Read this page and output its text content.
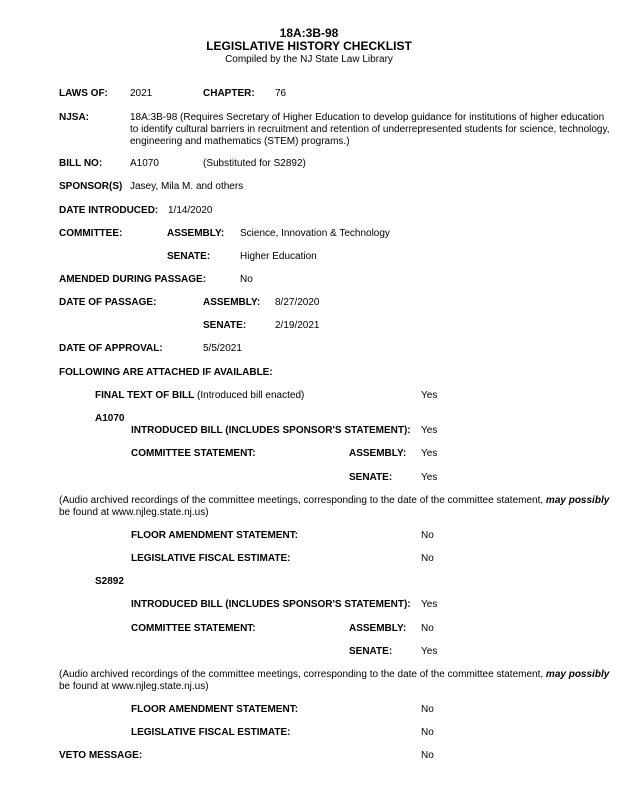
18A:3B-98
LEGISLATIVE HISTORY CHECKLIST
Compiled by the NJ State Law Library
LAWS OF: 2021	CHAPTER: 76
NJSA:	18A:3B-98 (Requires Secretary of Higher Education to develop guidance for institutions of higher education
to identify cultural barriers in recruitment and retention of underrepresented students for science, technology,
engineering and mathematics (STEM) programs.)
BILL NO:	A1070	(Substituted for S2892)
SPONSOR(S) Jasey, Mila M. and others
DATE INTRODUCED: 1/14/2020
COMMITTEE:	ASSEMBLY: Science, Innovation & Technology
SENATE:	Higher Education
AMENDED DURING PASSAGE:	No
DATE OF PASSAGE:	ASSEMBLY: 8/27/2020
SENATE:	2/19/2021
DATE OF APPROVAL:	5/5/2021
FOLLOWING ARE ATTACHED IF AVAILABLE:
FINAL TEXT OF BILL (Introduced bill enacted)	Yes
A1070
INTRODUCED BILL (INCLUDES SPONSOR'S STATEMENT): Yes
COMMITTEE STATEMENT:	ASSEMBLY: Yes
SENATE:	Yes
(Audio archived recordings of the committee meetings, corresponding to the date of the committee statement, may possibly
be found at www.njleg.state.nj.us)
FLOOR AMENDMENT STATEMENT:	No
LEGISLATIVE FISCAL ESTIMATE:	No
S2892
INTRODUCED BILL (INCLUDES SPONSOR'S STATEMENT): Yes
COMMITTEE STATEMENT:	ASSEMBLY: No
SENATE:	Yes
(Audio archived recordings of the committee meetings, corresponding to the date of the committee statement, may possibly
be found at www.njleg.state.nj.us)
FLOOR AMENDMENT STATEMENT:	No
LEGISLATIVE FISCAL ESTIMATE:	No
VETO MESSAGE:	No
